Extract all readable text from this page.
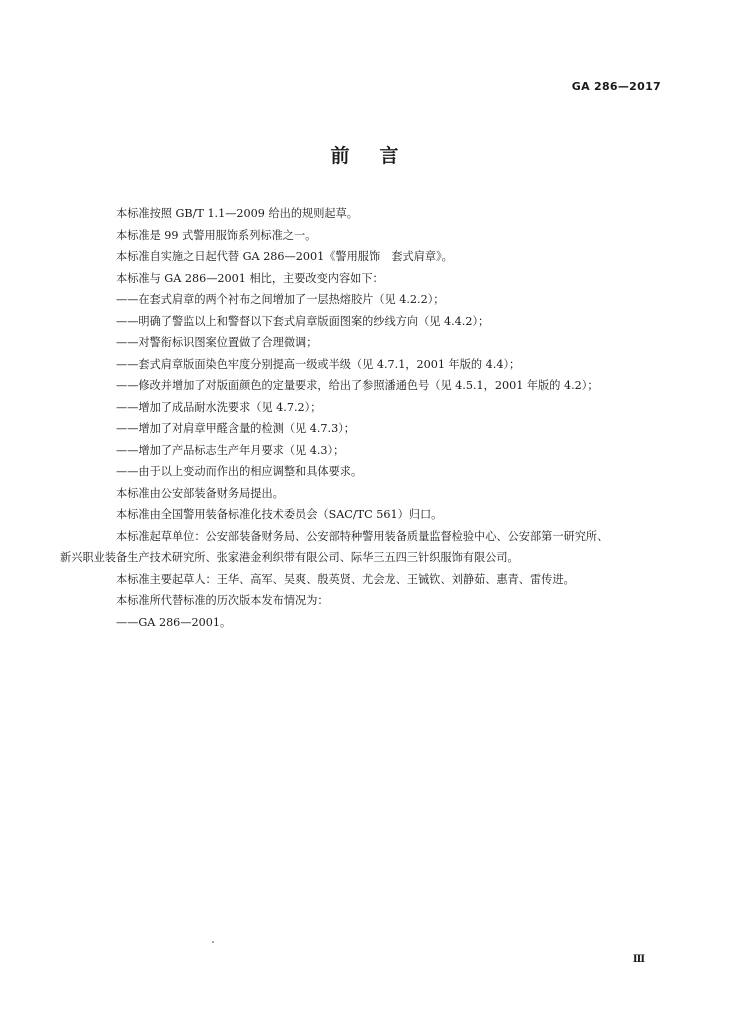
GA 286—2017
前言
本标准按照 GB/T 1.1—2009 给出的规则起草。
本标准是 99 式警用服饰系列标准之一。
本标准自实施之日起代替 GA 286—2001《警用服饰　套式肩章》。
本标准与 GA 286—2001 相比，主要改变内容如下：
——在套式肩章的两个衬布之间增加了一层热熔胶片（见 4.2.2）；
——明确了警监以上和警督以下套式肩章版面图案的纱线方向（见 4.4.2）；
——对警衔标识图案位置做了合理微调；
——套式肩章版面染色牢度分别提高一级或半级（见 4.7.1，2001 年版的 4.4）；
——修改并增加了对版面颜色的定量要求，给出了参照潘通色号（见 4.5.1，2001 年版的 4.2）；
——增加了成品耐水洗要求（见 4.7.2）；
——增加了对肩章甲醛含量的检测（见 4.7.3）；
——增加了产品标志生产年月要求（见 4.3）；
——由于以上变动而作出的相应调整和具体要求。
本标准由公安部装备财务局提出。
本标准由全国警用装备标准化技术委员会（SAC/TC 561）归口。
本标准起草单位：公安部装备财务局、公安部特种警用装备质量监督检验中心、公安部第一研究所、
新兴职业装备生产技术研究所、张家港金利织带有限公司、际华三五四三针织服饰有限公司。
本标准主要起草人：王华、高军、吴爽、殷英贤、尤会龙、王铖钦、刘静茹、惠青、雷传进。
本标准所代替标准的历次版本发布情况为：
——GA 286—2001。
Ⅲ
